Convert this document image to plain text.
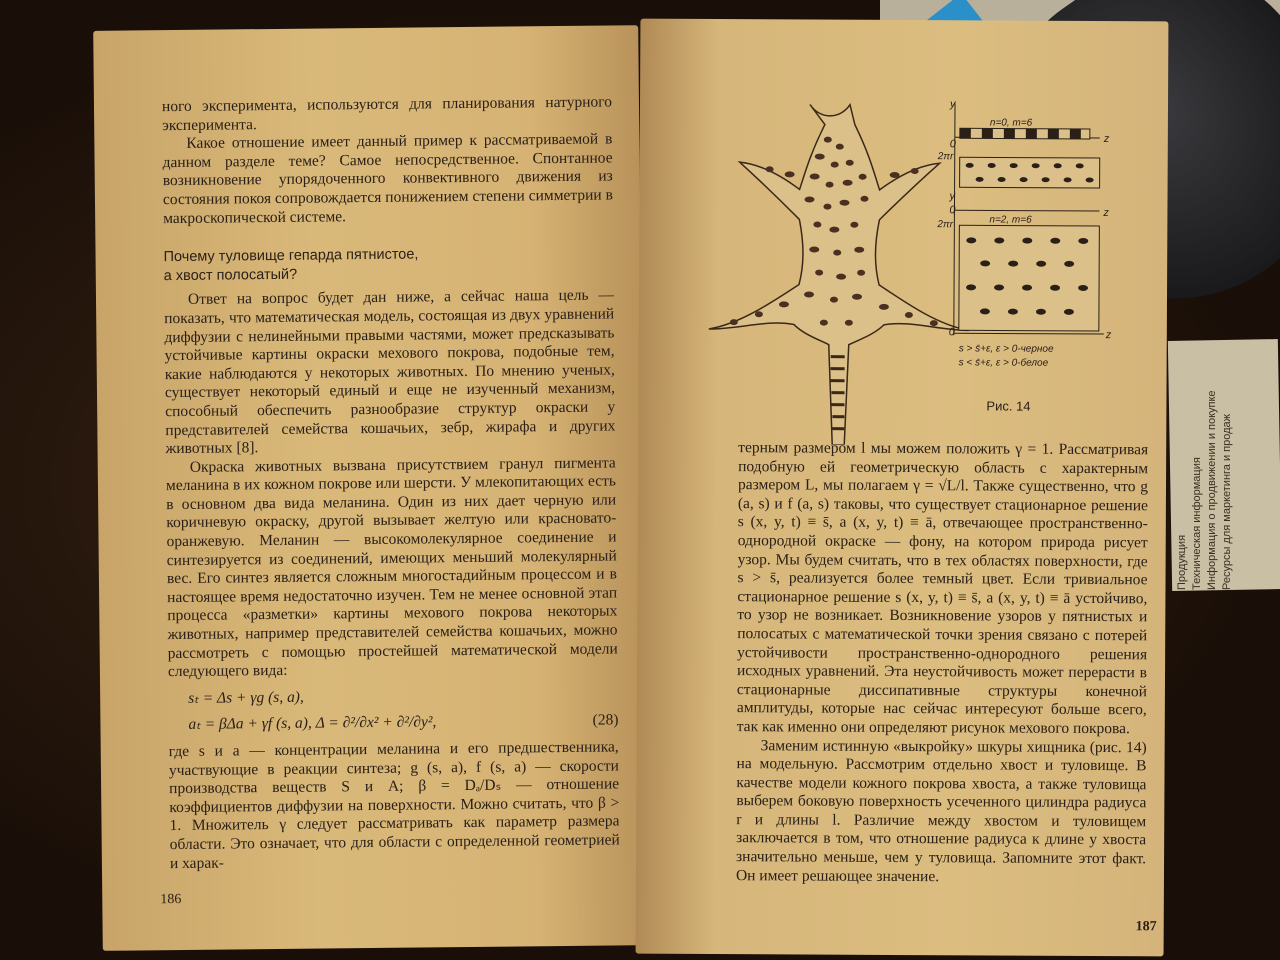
Продукция Техническая информация Информация о продвижении и покупке Ресурсы для маркетинга и продаж

ного эксперимента, используются для планирования натурного эксперимента.

Какое отношение имеет данный пример к рассматриваемой в данном разделе теме? Самое непосредственное. Спонтанное возникновение упорядоченного конвективного движения из состояния покоя сопровождается понижением степени симметрии в макроскопической системе.

Почему туловище гепарда пятнистое,
а хвост полосатый?

Ответ на вопрос будет дан ниже, а сейчас наша цель — показать, что математическая модель, состоящая из двух уравнений диффузии с нелинейными правыми частями, может предсказывать устойчивые картины окраски мехового покрова, подобные тем, какие наблюдаются у некоторых животных. По мнению ученых, существует некоторый единый и еще не изученный механизм, способный обеспечить разнообразие структур окраски у представителей семейства кошачьих, зебр, жирафа и других животных [8].

Окраска животных вызвана присутствием гранул пигмента меланина в их кожном покрове или шерсти. У млекопитающих есть в основном два вида меланина. Один из них дает черную или коричневую окраску, другой вызывает желтую или красновато-оранжевую. Меланин — высокомолекулярное соединение и синтезируется из соединений, имеющих меньший молекулярный вес. Его синтез является сложным многостадийным процессом и в настоящее время недостаточно изучен. Тем не менее основной этап процесса «разметки» картины мехового покрова некоторых животных, например представителей семейства кошачьих, можно рассмотреть с помощью простейшей математической модели следующего вида:

sₜ = Δs + γg (s, a),

aₜ = βΔa + γf (s, a), Δ = ∂²/∂x² + ∂²/∂y²,	(28)

где s и a — концентрации меланина и его предшественника, участвующие в реакции синтеза; g (s, a), f (s, a) — скорости производства веществ S и A; β = Dₐ/Dₛ — отношение коэффициентов диффузии на поверхности. Можно считать, что β > 1. Множитель γ следует рассматривать как параметр размера области. Это означает, что для области с определенной геометрией и харак-

186
y
0
2πr
z
y
0
2πr
z
0	z
n=0, m=6
n=2, m=6
s > s̄+ε, ε > 0-черное
s < s̄+ε, ε > 0-белое
Рис. 14

терным размером l мы можем положить γ = 1. Рассматривая подобную ей геометрическую область с характерным размером L, мы полагаем γ = √L/l. Также существенно, что g (a, s) и f (a, s) таковы, что существует стационарное решение s (x, y, t) ≡ s̄, a (x, y, t) ≡ ā, отвечающее пространственно-однородной окраске — фону, на котором природа рисует узор. Мы будем считать, что в тех областях поверхности, где s > s̄, реализуется более темный цвет. Если тривиальное стационарное решение s (x, y, t) ≡ s̄, a (x, y, t) ≡ ā устойчиво, то узор не возникает. Возникновение узоров у пятнистых и полосатых с математической точки зрения связано с потерей устойчивости пространственно-однородного решения исходных уравнений. Эта неустойчивость может перерасти в стационарные диссипативные структуры конечной амплитуды, которые нас сейчас интересуют больше всего, так как именно они определяют рисунок мехового покрова.

Заменим истинную «выкройку» шкуры хищника (рис. 14) на модельную. Рассмотрим отдельно хвост и туловище. В качестве модели кожного покрова хвоста, а также туловища выберем боковую поверхность усеченного цилиндра радиуса r и длины l. Различие между хвостом и туловищем заключается в том, что отношение радиуса к длине у хвоста значительно меньше, чем у туловища. Запомните этот факт. Он имеет решающее значение.

187
